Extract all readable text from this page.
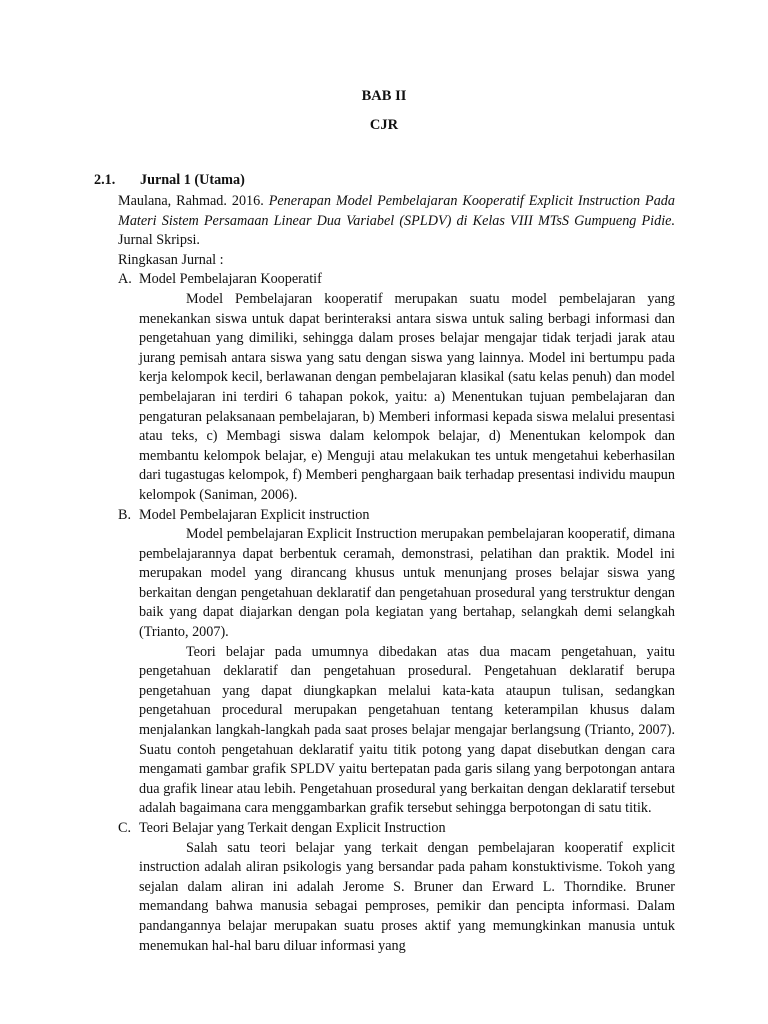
BAB II
CJR
2.1. Jurnal 1 (Utama)

Maulana, Rahmad. 2016. Penerapan Model Pembelajaran Kooperatif Explicit Instruction Pada Materi Sistem Persamaan Linear Dua Variabel (SPLDV) di Kelas VIII MTsS Gumpueng Pidie. Jurnal Skripsi.

Ringkasan Jurnal :

A. Model Pembelajaran Kooperatif

Model Pembelajaran kooperatif merupakan suatu model pembelajaran yang menekankan siswa untuk dapat berinteraksi antara siswa untuk saling berbagi informasi dan pengetahuan yang dimiliki, sehingga dalam proses belajar mengajar tidak terjadi jarak atau jurang pemisah antara siswa yang satu dengan siswa yang lainnya. Model ini bertumpu pada kerja kelompok kecil, berlawanan dengan pembelajaran klasikal (satu kelas penuh) dan model pembelajaran ini terdiri 6 tahapan pokok, yaitu: a) Menentukan tujuan pembelajaran dan pengaturan pelaksanaan pembelajaran, b) Memberi informasi kepada siswa melalui presentasi atau teks, c) Membagi siswa dalam kelompok belajar, d) Menentukan kelompok dan membantu kelompok belajar, e) Menguji atau melakukan tes untuk mengetahui keberhasilan dari tugastugas kelompok, f) Memberi penghargaan baik terhadap presentasi individu maupun kelompok (Saniman, 2006).

B. Model Pembelajaran Explicit instruction

Model pembelajaran Explicit Instruction merupakan pembelajaran kooperatif, dimana pembelajarannya dapat berbentuk ceramah, demonstrasi, pelatihan dan praktik. Model ini merupakan model yang dirancang khusus untuk menunjang proses belajar siswa yang berkaitan dengan pengetahuan deklaratif dan pengetahuan prosedural yang terstruktur dengan baik yang dapat diajarkan dengan pola kegiatan yang bertahap, selangkah demi selangkah (Trianto, 2007).

Teori belajar pada umumnya dibedakan atas dua macam pengetahuan, yaitu pengetahuan deklaratif dan pengetahuan prosedural. Pengetahuan deklaratif berupa pengetahuan yang dapat diungkapkan melalui kata-kata ataupun tulisan, sedangkan pengetahuan procedural merupakan pengetahuan tentang keterampilan khusus dalam menjalankan langkah-langkah pada saat proses belajar mengajar berlangsung (Trianto, 2007). Suatu contoh pengetahuan deklaratif yaitu titik potong yang dapat disebutkan dengan cara mengamati gambar grafik SPLDV yaitu bertepatan pada garis silang yang berpotongan antara dua grafik linear atau lebih. Pengetahuan prosedural yang berkaitan dengan deklaratif tersebut adalah bagaimana cara menggambarkan grafik tersebut sehingga berpotongan di satu titik.

C. Teori Belajar yang Terkait dengan Explicit Instruction

Salah satu teori belajar yang terkait dengan pembelajaran kooperatif explicit instruction adalah aliran psikologis yang bersandar pada paham konstuktivisme. Tokoh yang sejalan dalam aliran ini adalah Jerome S. Bruner dan Erward L. Thorndike. Bruner memandang bahwa manusia sebagai pemproses, pemikir dan pencipta informasi. Dalam pandangannya belajar merupakan suatu proses aktif yang memungkinkan manusia untuk menemukan hal-hal baru diluar informasi yang
